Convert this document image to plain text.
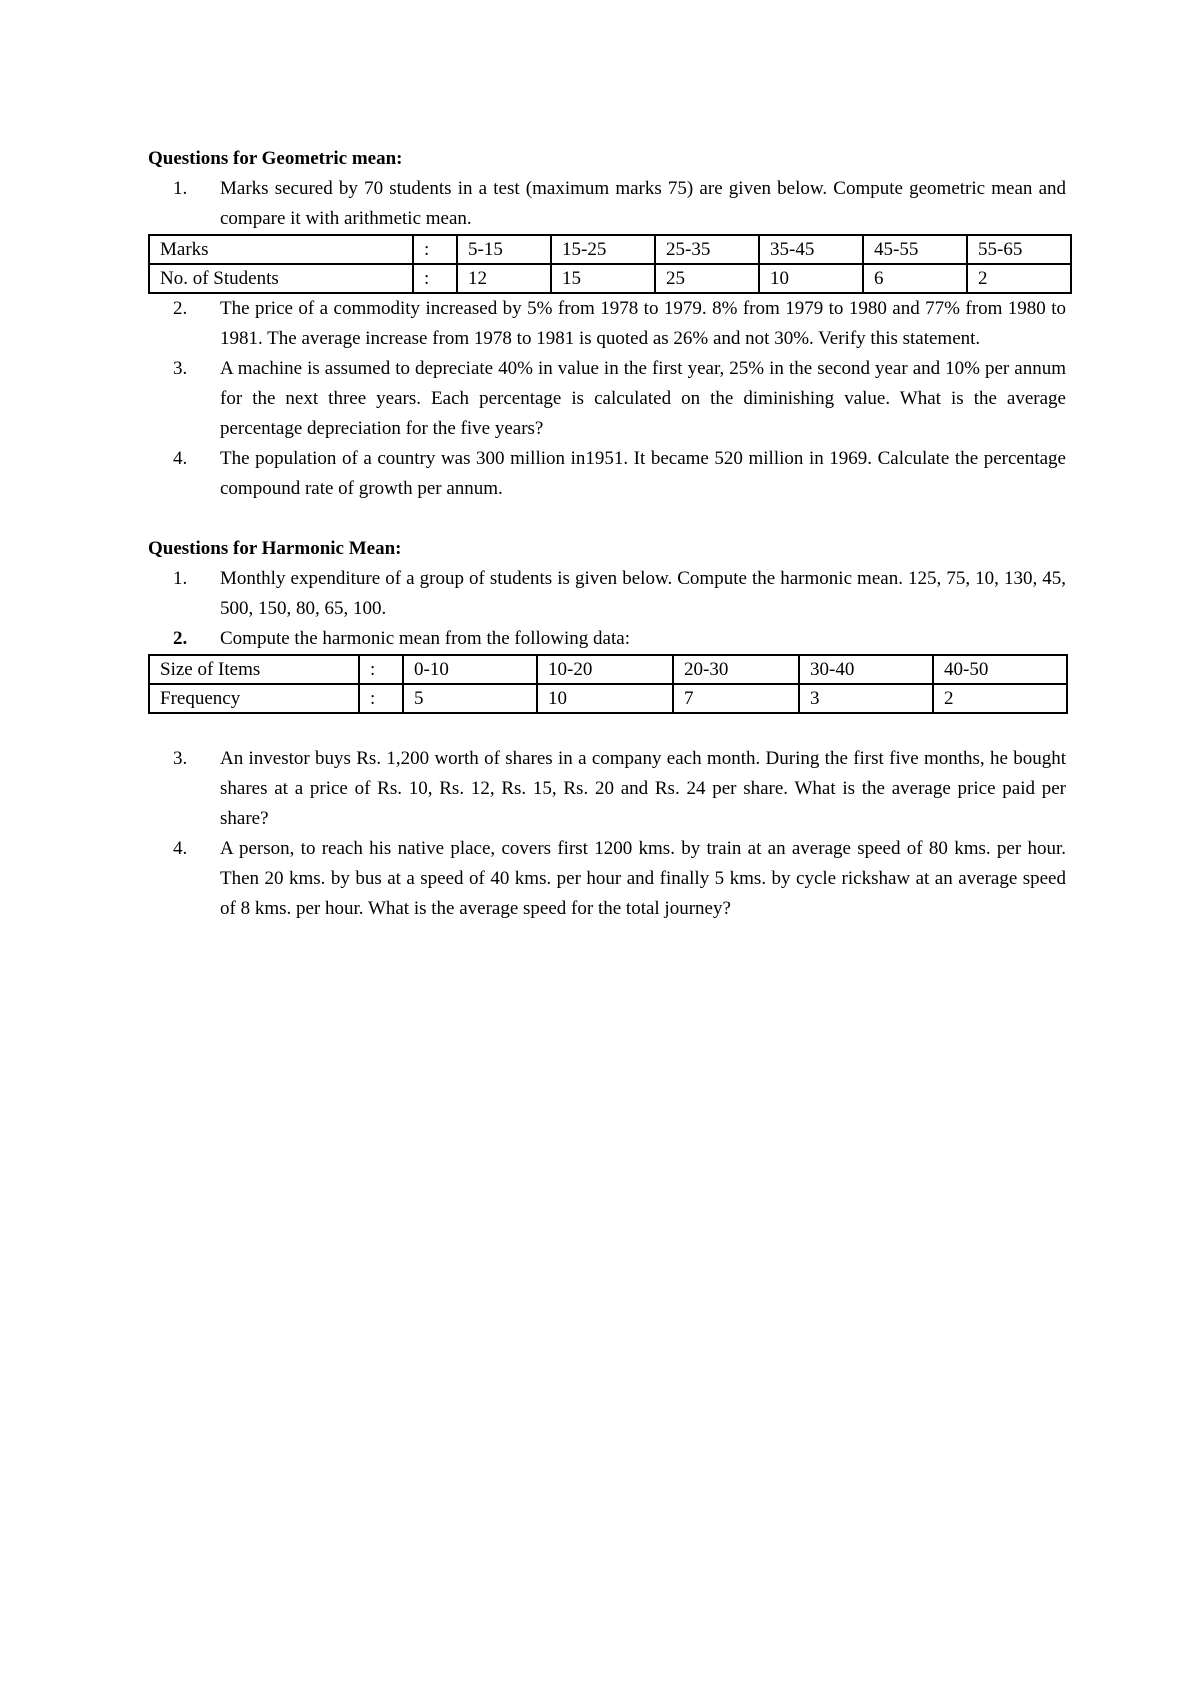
Questions for Geometric mean:
1.	Marks secured by 70 students in a test (maximum marks 75) are given below. Compute geometric mean and compare it with arithmetic mean.
Marks	:	5-15	15-25	25-35	35-45	45-55	55-65
No. of Students	:	12	15	25	10	6	2
2.	The price of a commodity increased by 5% from 1978 to 1979. 8% from 1979 to 1980 and 77% from 1980 to 1981. The average increase from 1978 to 1981 is quoted as 26% and not 30%. Verify this statement.
3.	A machine is assumed to depreciate 40% in value in the first year, 25% in the second year and 10% per annum for the next three years. Each percentage is calculated on the diminishing value. What is the average percentage depreciation for the five years?
4.	The population of a country was 300 million in1951. It became 520 million in 1969. Calculate the percentage compound rate of growth per annum.
Questions for Harmonic Mean:
1.	Monthly expenditure of a group of students is given below. Compute the harmonic mean. 125, 75, 10, 130, 45, 500, 150, 80, 65, 100.
2.	Compute the harmonic mean from the following data:
Size of Items	:	0-10	10-20	20-30	30-40	40-50
Frequency	:	5	10	7	3	2
3.	An investor buys Rs. 1,200 worth of shares in a company each month. During the first five months, he bought shares at a price of Rs. 10, Rs. 12, Rs. 15, Rs. 20 and Rs. 24 per share. What is the average price paid per share?
4.	A person, to reach his native place, covers first 1200 kms. by train at an average speed of 80 kms. per hour. Then 20 kms. by bus at a speed of 40 kms. per hour and finally 5 kms. by cycle rickshaw at an average speed of 8 kms. per hour. What is the average speed for the total journey?
